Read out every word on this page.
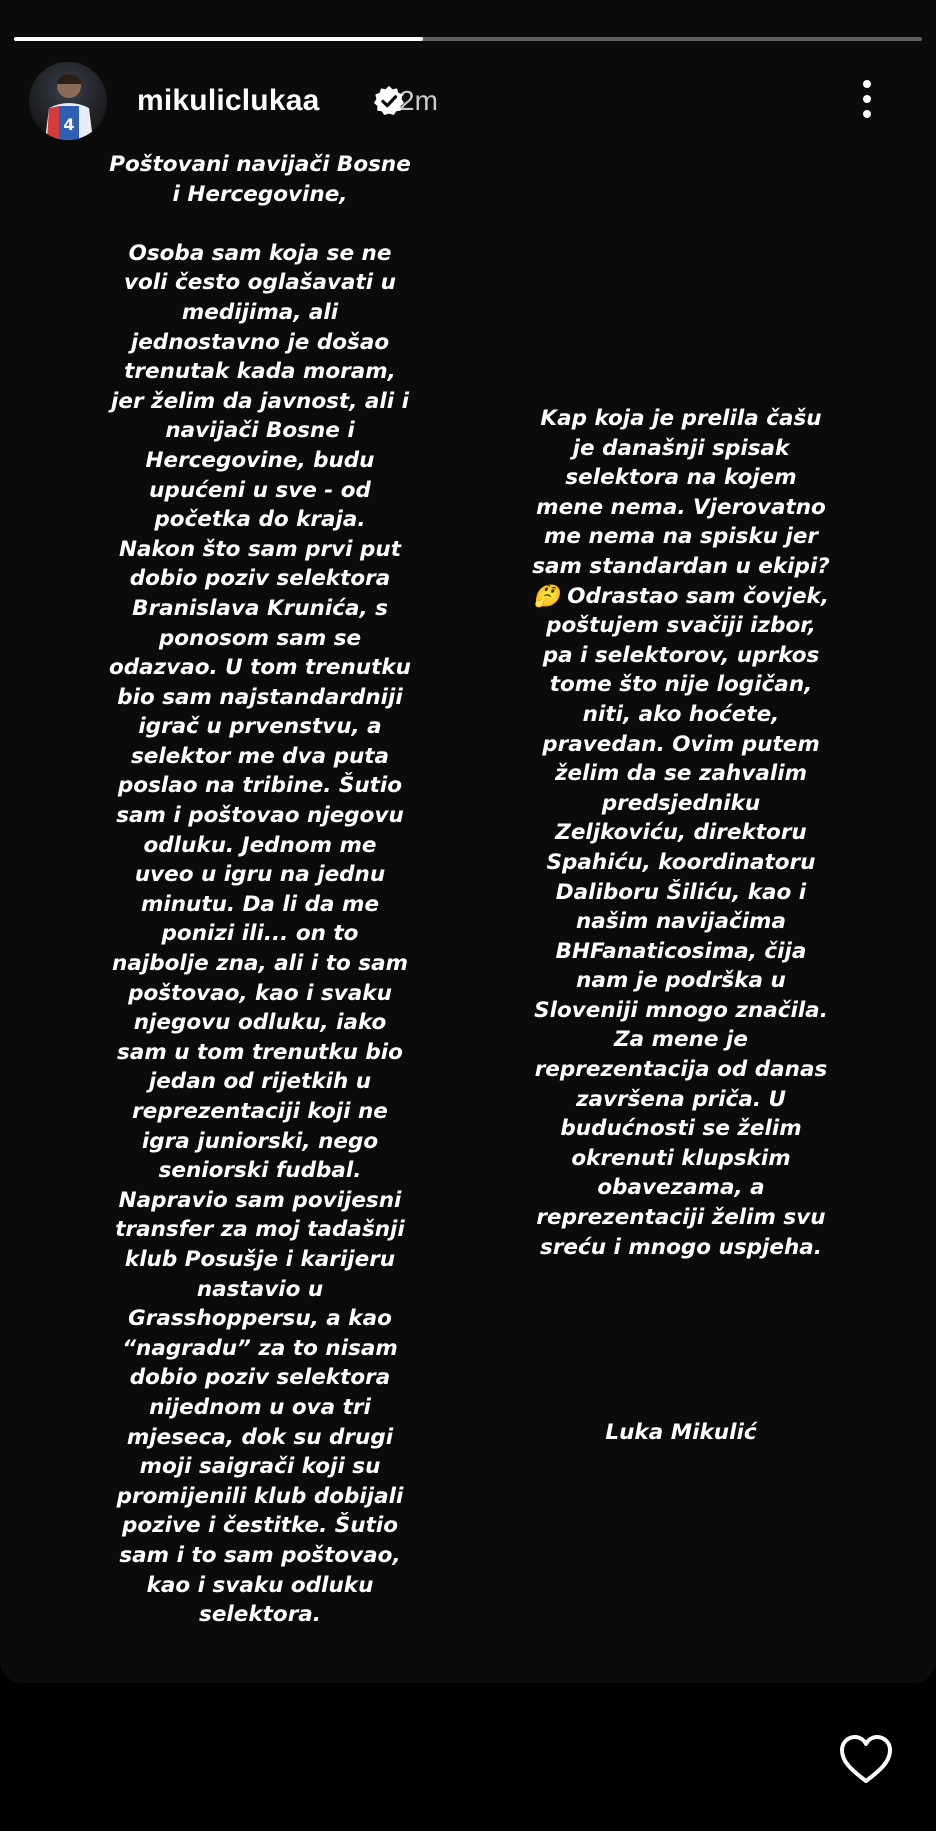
4
mikuliclukaa	2m
Poštovani navijači Bosne
i Hercegovine,

Osoba sam koja se ne
voli često oglašavati u
medijima, ali
jednostavno je došao
trenutak kada moram,
jer želim da javnost, ali i
navijači Bosne i
Hercegovine, budu
upućeni u sve - od
početka do kraja.
Nakon što sam prvi put
dobio poziv selektora
Branislava Krunića, s
ponosom sam se
odazvao. U tom trenutku
bio sam najstandardniji
igrač u prvenstvu, a
selektor me dva puta
poslao na tribine. Šutio
sam i poštovao njegovu
odluku. Jednom me
uveo u igru na jednu
minutu. Da li da me
ponizi ili... on to
najbolje zna, ali i to sam
poštovao, kao i svaku
njegovu odluku, iako
sam u tom trenutku bio
jedan od rijetkih u
reprezentaciji koji ne
igra juniorski, nego
seniorski fudbal.
Napravio sam povijesni
transfer za moj tadašnji
klub Posušje i karijeru
nastavio u
Grasshoppersu, a kao
“nagradu” za to nisam
dobio poziv selektora
nijednom u ova tri
mjeseca, dok su drugi
moji saigrači koji su
promijenili klub dobijali
pozive i čestitke. Šutio
sam i to sam poštovao,
kao i svaku odluku
selektora.
Kap koja je prelila čašu
je današnji spisak
selektora na kojem
mene nema. Vjerovatno
me nema na spisku jer
sam standardan u ekipi?
🤔 Odrastao sam čovjek,
poštujem svačiji izbor,
pa i selektorov, uprkos
tome što nije logičan,
niti, ako hoćete,
pravedan. Ovim putem
želim da se zahvalim
predsjedniku
Zeljkoviću, direktoru
Spahiću, koordinatoru
Daliboru Šiliću, kao i
našim navijačima
BHFanaticosima, čija
nam je podrška u
Sloveniji mnogo značila.
Za mene je
reprezentacija od danas
završena priča. U
budućnosti se želim
okrenuti klupskim
obavezama, a
reprezentaciji želim svu
sreću i mnogo uspjeha.
Luka Mikulić
